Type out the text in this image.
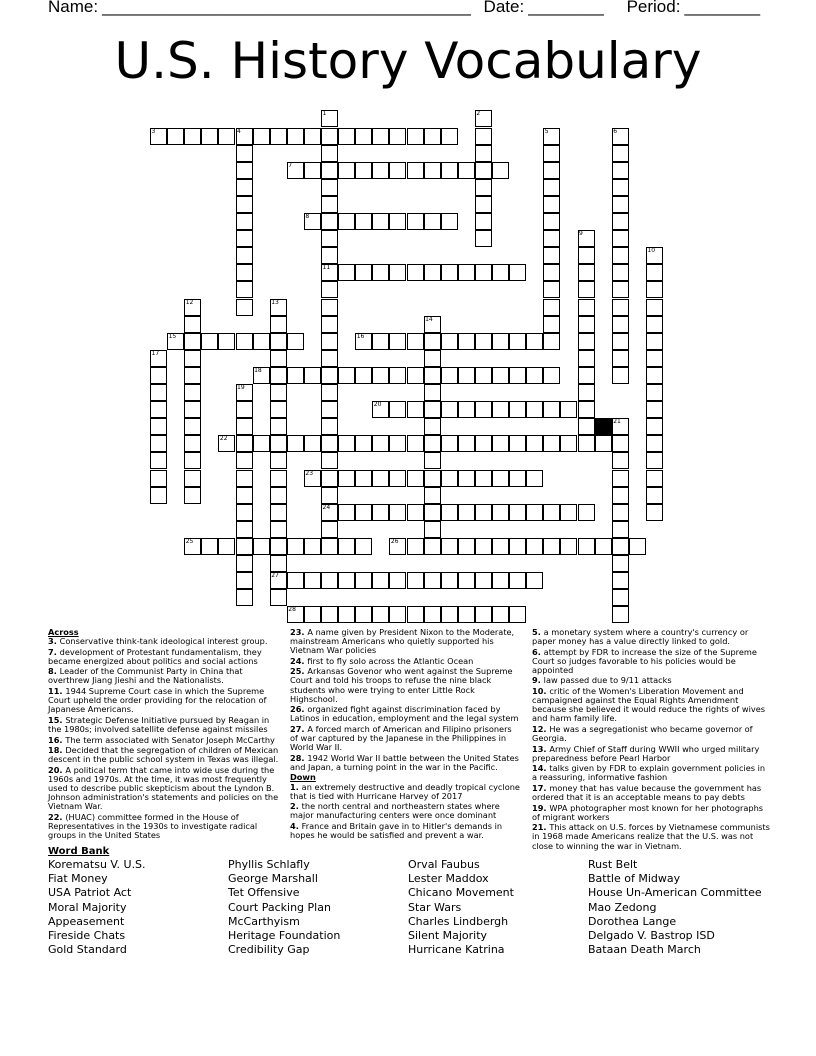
Name: _______________________________________ Date: ________ Period: ________
U.S. History Vocabulary
3
7
8
11
15	16
18
20
22
23
24
25	26
27
28
1	2
4	5	6
9
10
12	13
14
17
19
21
Across
3. Conservative think-tank ideological interest group.
7. development of Protestant fundamentalism, they became energized about politics and social actions
8. Leader of the Communist Party in China that overthrew Jiang Jieshi and the Nationalists.
11. 1944 Supreme Court case in which the Supreme Court upheld the order providing for the relocation of Japanese Americans.
15. Strategic Defense Initiative pursued by Reagan in the 1980s; involved satellite defense against missiles
16. The term associated with Senator Joseph McCarthy
18. Decided that the segregation of children of Mexican descent in the public school system in Texas was illegal.
20. A political term that came into wide use during the 1960s and 1970s. At the time, it was most frequently used to describe public skepticism about the Lyndon B. Johnson administration's statements and policies on the Vietnam War.
22. (HUAC) committee formed in the House of Representatives in the 1930s to investigate radical groups in the United States
23. A name given by President Nixon to the Moderate, mainstream Americans who quietly supported his Vietnam War policies
24. first to fly solo across the Atlantic Ocean
25. Arkansas Govenor who went against the Supreme Court and told his troops to refuse the nine black students who were trying to enter Little Rock Highschool.
26. organized fight against discrimination faced by Latinos in education, employment and the legal system
27. A forced march of American and Filipino prisoners of war captured by the Japanese in the Philippines in World War II.
28. 1942 World War II battle between the United States and Japan, a turning point in the war in the Pacific.
Down
1. an extremely destructive and deadly tropical cyclone that is tied with Hurricane Harvey of 2017
2. the north central and northeastern states where major manufacturing centers were once dominant
4. France and Britain gave in to Hitler's demands in hopes he would be satisfied and prevent a war.
5. a monetary system where a country's currency or paper money has a value directly linked to gold.
6. attempt by FDR to increase the size of the Supreme Court so judges favorable to his policies would be appointed
9. law passed due to 9/11 attacks
10. critic of the Women's Liberation Movement and campaigned against the Equal Rights Amendment because she believed it would reduce the rights of wives and harm family life.
12. He was a segregationist who became governor of Georgia.
13. Army Chief of Staff during WWII who urged military preparedness before Pearl Harbor
14. talks given by FDR to explain government policies in a reassuring, informative fashion
17. money that has value because the government has ordered that it is an acceptable means to pay debts
19. WPA photographer most known for her photographs of migrant workers
21. This attack on U.S. forces by Vietnamese communists in 1968 made Americans realize that the U.S. was not close to winning the war in Vietnam.
Word Bank
Korematsu V. U.S.
Fiat Money
USA Patriot Act
Moral Majority
Appeasement
Fireside Chats
Gold Standard
Phyllis Schlafly
George Marshall
Tet Offensive
Court Packing Plan
McCarthyism
Heritage Foundation
Credibility Gap
Orval Faubus
Lester Maddox
Chicano Movement
Star Wars
Charles Lindbergh
Silent Majority
Hurricane Katrina
Rust Belt
Battle of Midway
House Un-American Committee
Mao Zedong
Dorothea Lange
Delgado V. Bastrop ISD
Bataan Death March
